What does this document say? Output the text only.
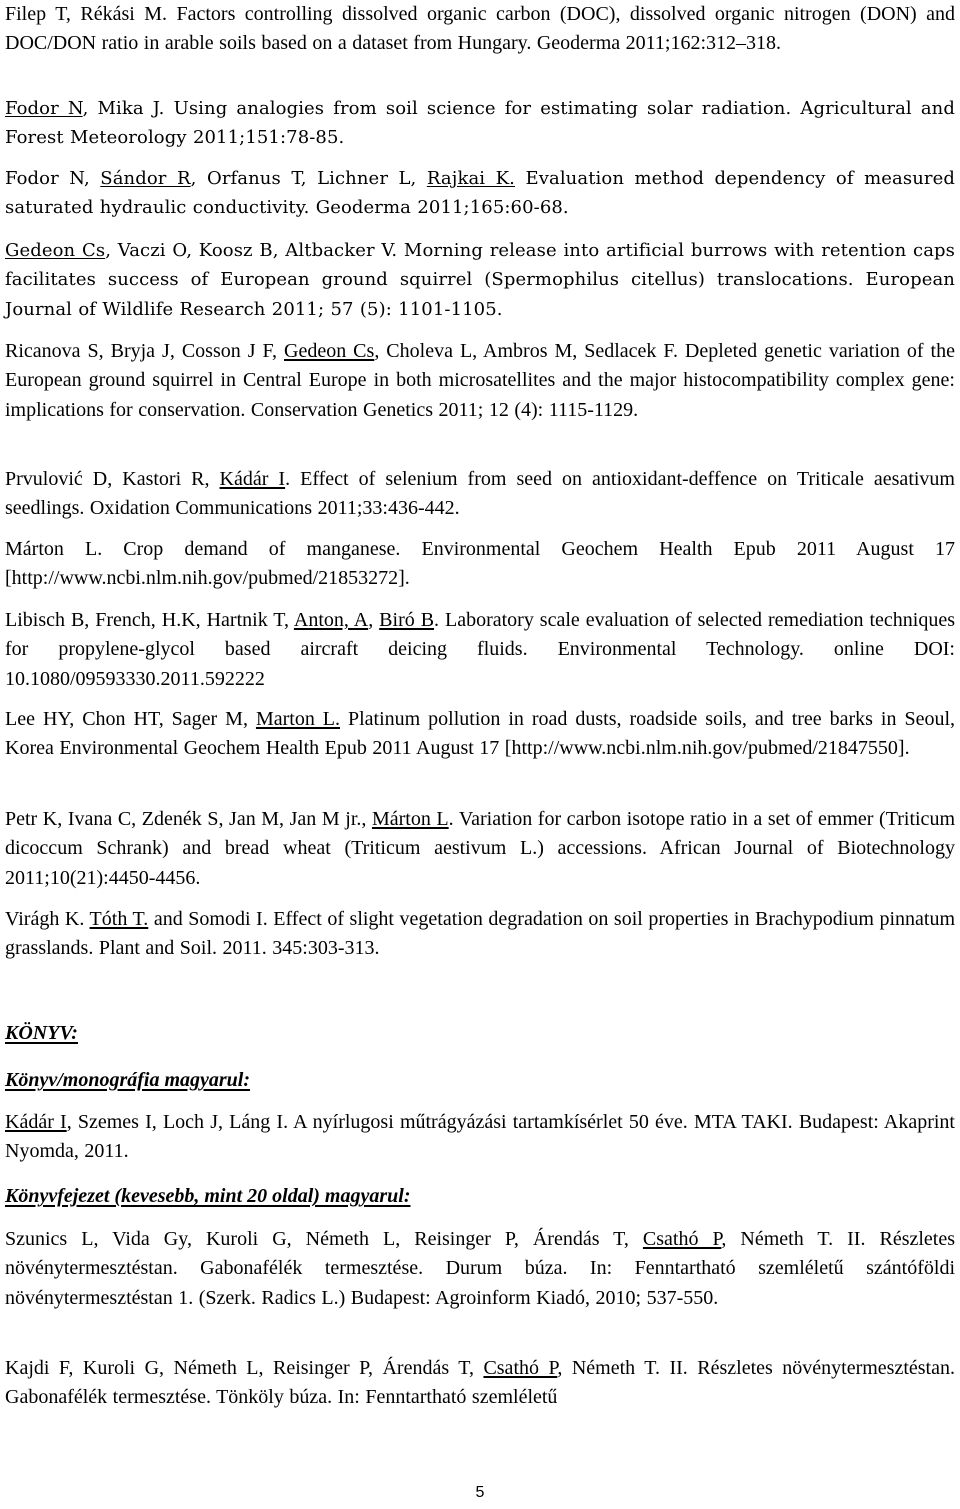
Filep T, Rékási M. Factors controlling dissolved organic carbon (DOC), dissolved organic nitrogen (DON) and DOC/DON ratio in arable soils based on a dataset from Hungary. Geoderma 2011;162:312–318.

Fodor N, Mika J. Using analogies from soil science for estimating solar radiation. Agricultural and Forest Meteorology 2011;151:78-85.

Fodor N, Sándor R, Orfanus T, Lichner L, Rajkai K. Evaluation method dependency of measured saturated hydraulic conductivity. Geoderma 2011;165:60-68.

Gedeon Cs, Vaczi O, Koosz B, Altbacker V. Morning release into artificial burrows with retention caps facilitates success of European ground squirrel (Spermophilus citellus) translocations. European Journal of Wildlife Research 2011; 57 (5): 1101-1105.

Ricanova S, Bryja J, Cosson J F, Gedeon Cs, Choleva L, Ambros M, Sedlacek F. Depleted genetic variation of the European ground squirrel in Central Europe in both microsatellites and the major histocompatibility complex gene: implications for conservation. Conservation Genetics 2011; 12 (4): 1115-1129.

Prvulović D, Kastori R, Kádár I. Effect of selenium from seed on antioxidant-deffence on Triticale aesativum seedlings. Oxidation Communications 2011;33:436-442.

Márton L. Crop demand of manganese. Environmental Geochem Health Epub 2011 August 17 [http://www.ncbi.nlm.nih.gov/pubmed/21853272].

Libisch B, French, H.K, Hartnik T, Anton, A, Biró B. Laboratory scale evaluation of selected remediation techniques for propylene-glycol based aircraft deicing fluids. Environmental Technology. online DOI: 10.1080/09593330.2011.592222

Lee HY, Chon HT, Sager M, Marton L. Platinum pollution in road dusts, roadside soils, and tree barks in Seoul, Korea Environmental Geochem Health Epub 2011 August 17 [http://www.ncbi.nlm.nih.gov/pubmed/21847550].

Petr K, Ivana C, Zdenék S, Jan M, Jan M jr., Márton L. Variation for carbon isotope ratio in a set of emmer (Triticum dicoccum Schrank) and bread wheat (Triticum aestivum L.) accessions. African Journal of Biotechnology 2011;10(21):4450-4456.

Virágh K. Tóth T. and Somodi I. Effect of slight vegetation degradation on soil properties in Brachypodium pinnatum grasslands. Plant and Soil. 2011. 345:303-313.

KÖNYV:

Könyv/monográfia magyarul:

Kádár I, Szemes I, Loch J, Láng I. A nyírlugosi műtrágyázási tartamkísérlet 50 éve. MTA TAKI. Budapest: Akaprint Nyomda, 2011.

Könyvfejezet (kevesebb, mint 20 oldal) magyarul:

Szunics L, Vida Gy, Kuroli G, Németh L, Reisinger P, Árendás T, Csathó P, Németh T. II. Részletes növénytermesztéstan. Gabonafélék termesztése. Durum búza. In: Fenntartható szemléletű szántóföldi növénytermesztéstan 1. (Szerk. Radics L.) Budapest: Agroinform Kiadó, 2010; 537-550.

Kajdi F, Kuroli G, Németh L, Reisinger P, Árendás T, Csathó P, Németh T. II. Részletes növénytermesztéstan. Gabonafélék termesztése. Tönköly búza. In: Fenntartható szemléletű

5
